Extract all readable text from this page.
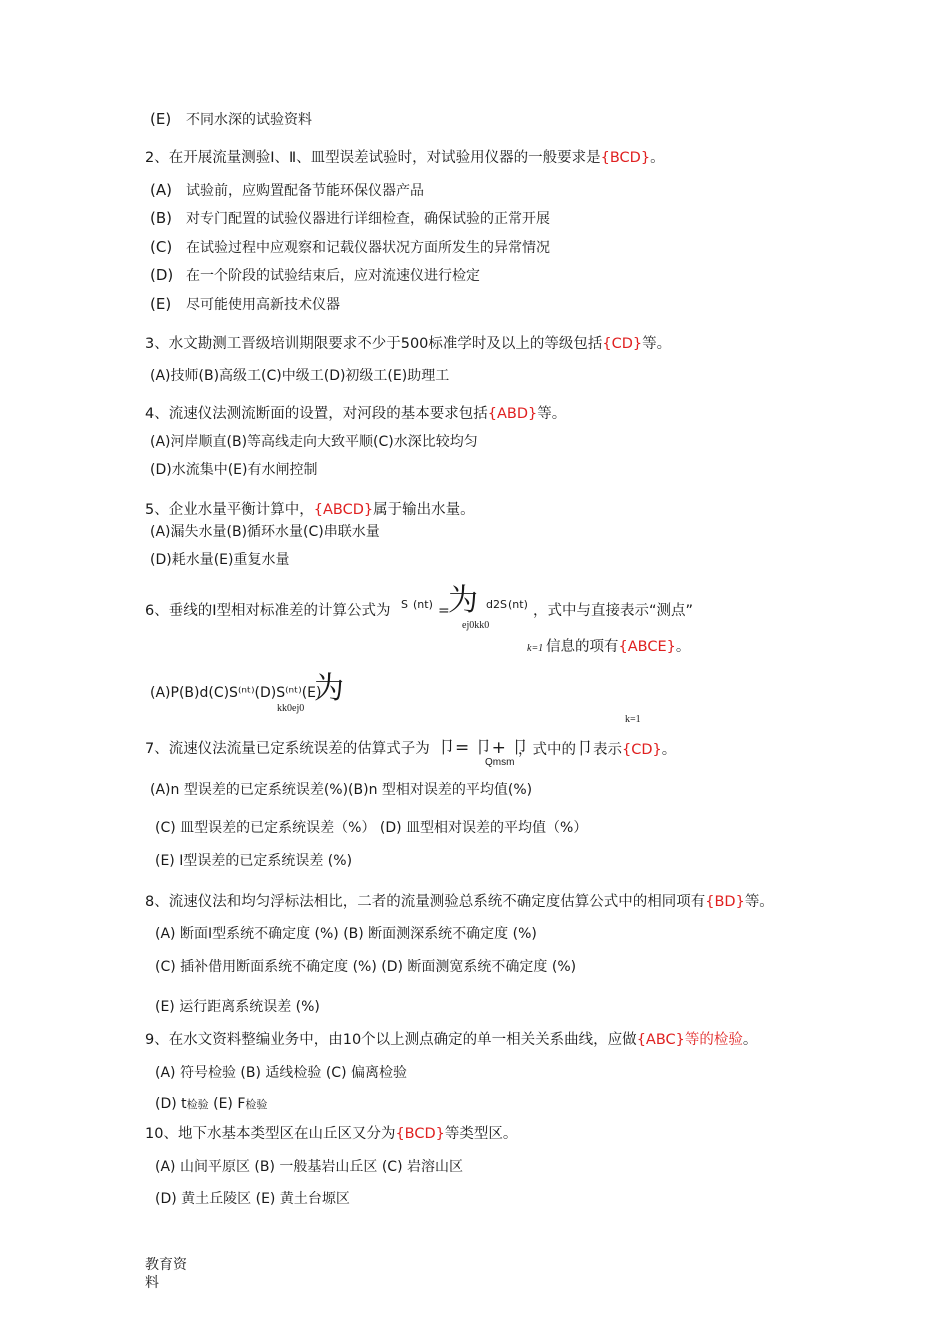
(E) 不同水深的试验资料
2、在开展流量测验Ⅰ、Ⅱ、皿型误差试验时，对试验用仪器的一般要求是{BCD}。
(A) 试验前，应购置配备节能环保仪器产品
(B) 对专门配置的试验仪器进行详细检查，确保试验的正常开展
(C) 在试验过程中应观察和记载仪器状况方面所发生的异常情况
(D) 在一个阶段的试验结束后，应对流速仪进行检定
(E) 尽可能使用高新技术仪器
3、水文勘测工晋级培训期限要求不少于500标准学时及以上的等级包括{CD}等。
(A)技师(B)高级工(C)中级工(D)初级工(E)助理工
4、流速仪法测流断面的设置，对河段的基本要求包括{ABD}等。
(A)河岸顺直(B)等高线走向大致平顺(C)水深比较均匀
(D)水流集中(E)有水闸控制
5、企业水量平衡计算中，{ABCD}属于输出水量。
(A)漏失水量(B)循环水量(C)串联水量
(D)耗水量(E)重复水量
6、垂线的Ⅰ型相对标准差的计算公式为 S (nt) =
为
ej0kk0
d2S (nt) ，式中与直接表示“测点”
k=1 信息的项有{ABCE}。
(A)P(B)d(C)S⁽ⁿᵗ⁾(D)S⁽ⁿᵗ⁾(E)
为
kk0ej0
k=1
7、流速仪法流量已定系统误差的估算式子为 卩= 卩+ 卩
Qmsm
，式中的卩表示{CD}。
(A)n 型误差的已定系统误差(%)(B)n 型相对误差的平均值(%)
(C) 皿型误差的已定系统误差（%） (D) 皿型相对误差的平均值（%）
(E) Ⅰ型误差的已定系统误差 (%)
8、流速仪法和均匀浮标法相比，二者的流量测验总系统不确定度估算公式中的相同项有{BD}等。
(A) 断面Ⅰ型系统不确定度 (%) (B) 断面测深系统不确定度 (%)
(C) 插补借用断面系统不确定度 (%) (D) 断面测宽系统不确定度 (%)
(E) 运行距离系统误差 (%)
9、在水文资料整编业务中，由10个以上测点确定的单一相关关系曲线，应做{ABC}等的检验。
(A) 符号检验 (B) 适线检验 (C) 偏离检验
(D) t检验 (E) F检验
10、地下水基本类型区在山丘区又分为{BCD}等类型区。
(A) 山间平原区 (B) 一般基岩山丘区 (C) 岩溶山区
(D) 黄土丘陵区 (E) 黄土台塬区
教育资
料
